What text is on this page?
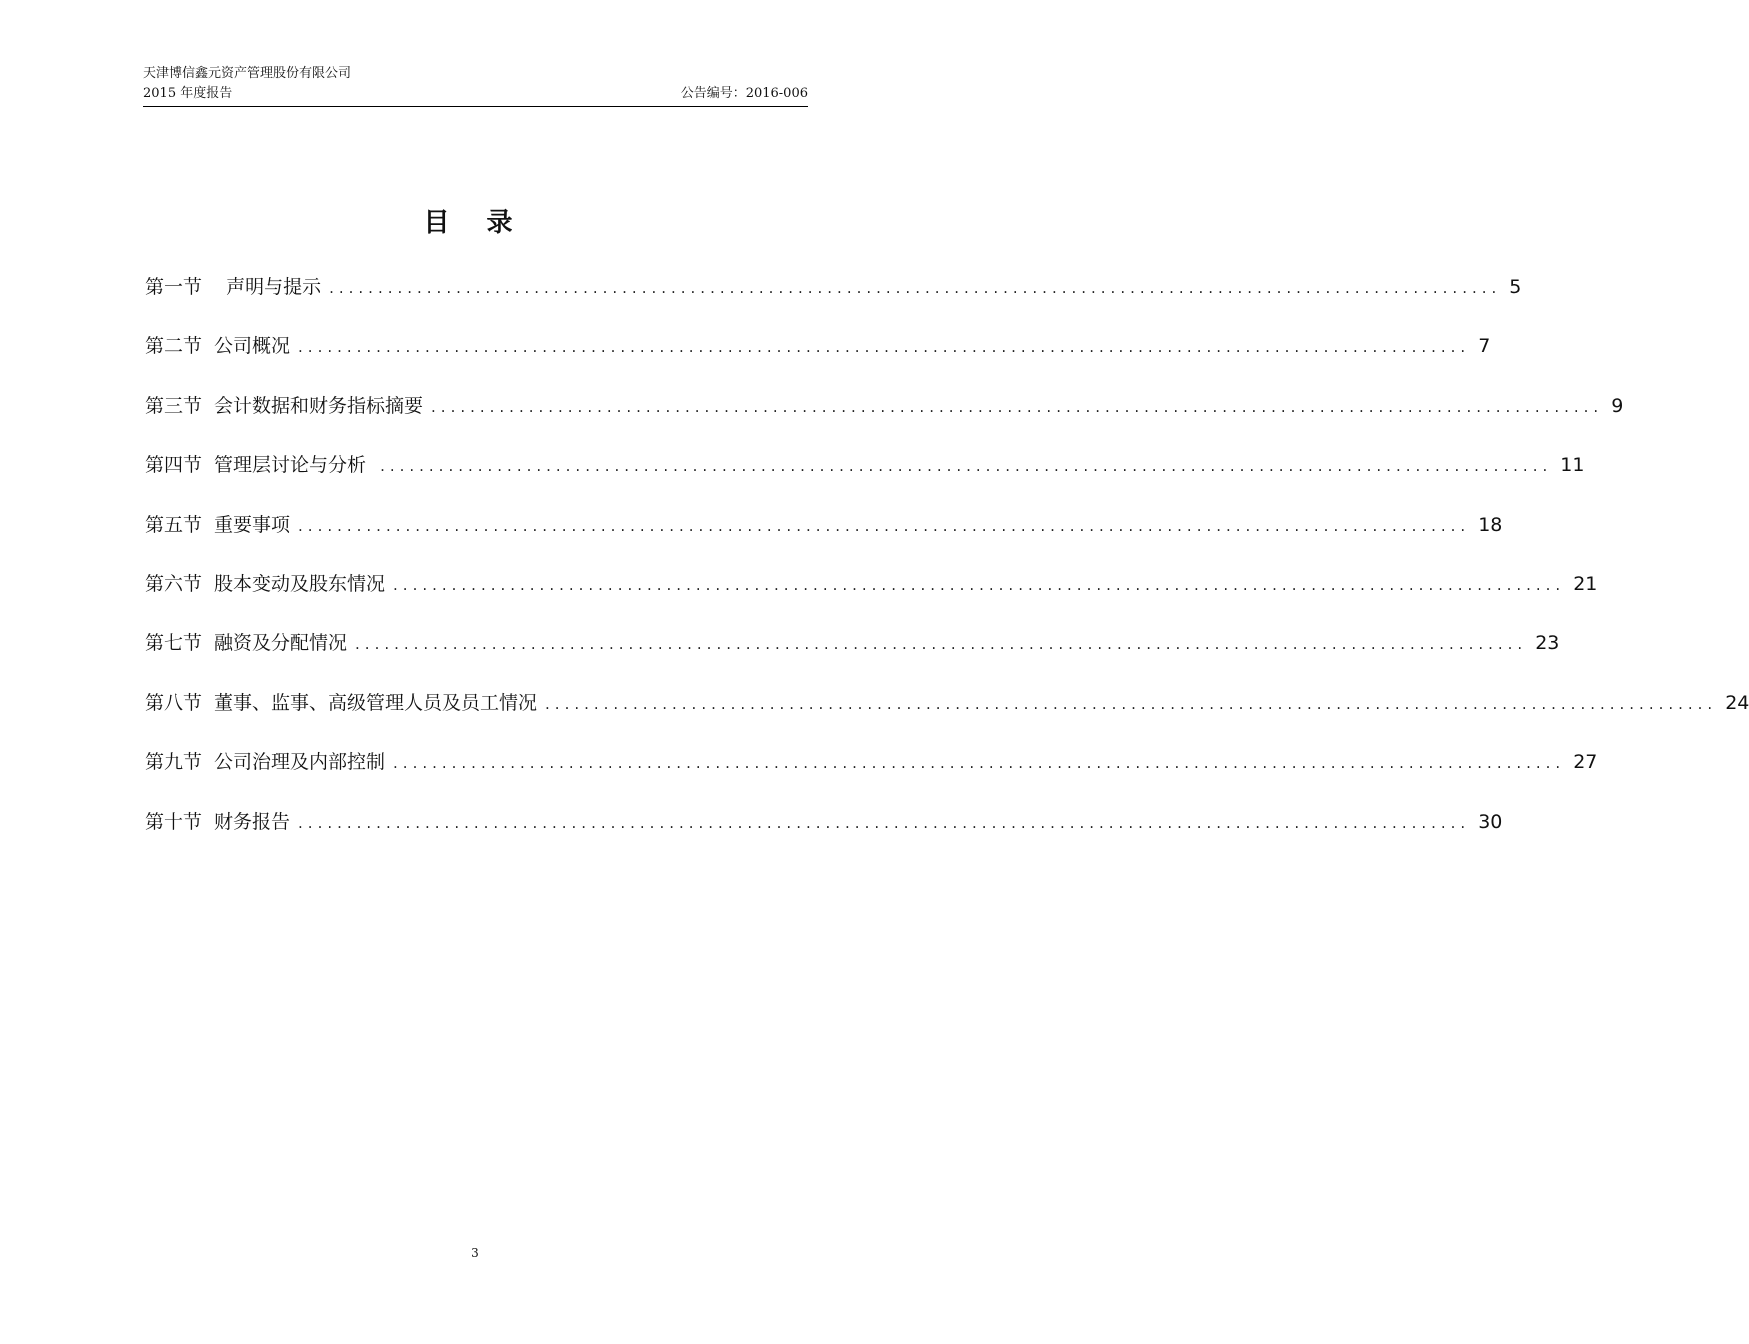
天津博信鑫元资产管理股份有限公司
2015 年度报告	公告编号：2016-006
目 录
第一节 声明与提示 ........................................................................................................................ 5
第二节 公司概况 ........................................................................................................................ 7
第三节 会计数据和财务指标摘要 ........................................................................................................................ 9
第四节 管理层讨论与分析 ........................................................................................................................ 11
第五节 重要事项 ........................................................................................................................ 18
第六节 股本变动及股东情况 ........................................................................................................................ 21
第七节 融资及分配情况 ........................................................................................................................ 23
第八节 董事、监事、高级管理人员及员工情况 ........................................................................................................................ 24
第九节 公司治理及内部控制 ........................................................................................................................ 27
第十节 财务报告 ........................................................................................................................ 30
3
